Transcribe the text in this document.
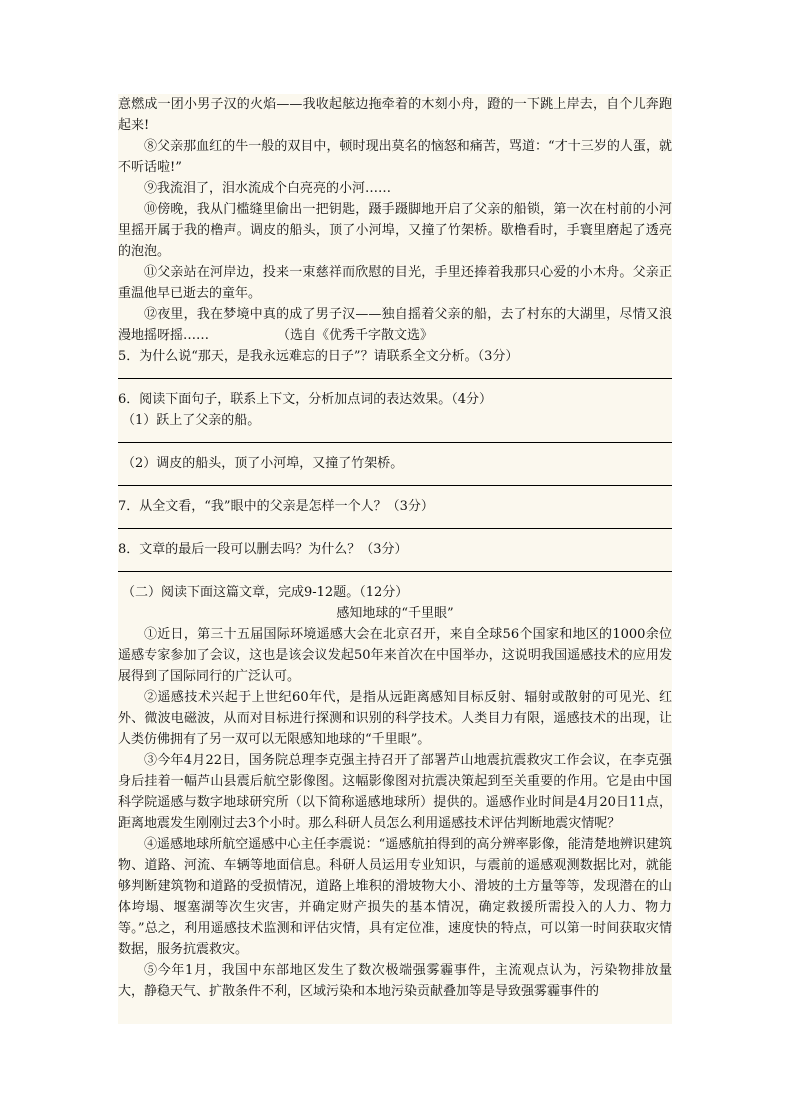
意燃成一团小男子汉的火焰——我收起舷边拖牵着的木刻小舟，蹬的一下跳上岸去，自个儿奔跑起来!

⑧父亲那血红的牛一般的双目中，顿时现出莫名的恼怒和痛苦，骂道：“才十三岁的人蛋，就不听话啦!”

⑨我流泪了，泪水流成个白亮亮的小河……

⑩傍晚，我从门槛缝里偷出一把钥匙，蹑手蹑脚地开启了父亲的船锁，第一次在村前的小河里摇开属于我的橹声。调皮的船头，顶了小河埠，又撞了竹架桥。歇橹看时，手寰里磨起了透亮的泡泡。

⑪父亲站在河岸边，投来一束慈祥而欣慰的目光，手里还捧着我那只心爱的小木舟。父亲正重温他早已逝去的童年。

⑫夜里，我在梦境中真的成了男子汉——独自摇着父亲的船，去了村东的大湖里，尽情又浪漫地摇呀摇……	（选自《优秀千字散文选》

5．为什么说“那天，是我永远难忘的日子”？请联系全文分析。（3分）

6．阅读下面句子，联系上下文，分析加点词的表达效果。（4分）

（1）跃上了父亲的船。

（2）调皮的船头，顶了小河埠，又撞了竹架桥。

7．从全文看，“我”眼中的父亲是怎样一个人？（3分）

8．文章的最后一段可以删去吗？为什么？（3分）

（二）阅读下面这篇文章，完成9-12题。（12分）

感知地球的“千里眼”

①近日，第三十五届国际环境遥感大会在北京召开，来自全球56个国家和地区的1000余位遥感专家参加了会议，这也是该会议发起50年来首次在中国举办，这说明我国遥感技术的应用发展得到了国际同行的广泛认可。

②遥感技术兴起于上世纪60年代，是指从远距离感知目标反射、辐射或散射的可见光、红外、微波电磁波，从而对目标进行探测和识别的科学技术。人类目力有限，遥感技术的出现，让人类仿佛拥有了另一双可以无限感知地球的“千里眼”。

③今年4月22日，国务院总理李克强主持召开了部署芦山地震抗震救灾工作会议，在李克强身后挂着一幅芦山县震后航空影像图。这幅影像图对抗震决策起到至关重要的作用。它是由中国科学院遥感与数字地球研究所（以下简称遥感地球所）提供的。遥感作业时间是4月20日11点，距离地震发生刚刚过去3个小时。那么科研人员怎么利用遥感技术评估判断地震灾情呢？

④遥感地球所航空遥感中心主任李震说：“遥感航拍得到的高分辨率影像，能清楚地辨识建筑物、道路、河流、车辆等地面信息。科研人员运用专业知识，与震前的遥感观测数据比对，就能够判断建筑物和道路的受损情况，道路上堆积的滑坡物大小、滑坡的土方量等等，发现潜在的山体垮塌、堰塞湖等次生灾害，并确定财产损失的基本情况，确定救援所需投入的人力、物力等。”总之，利用遥感技术监测和评估灾情，具有定位准，速度快的特点，可以第一时间获取灾情数据，服务抗震救灾。

⑤今年1月，我国中东部地区发生了数次极端强雾霾事件，主流观点认为，污染物排放量大，静稳天气、扩散条件不利，区域污染和本地污染贡献叠加等是导致强雾霾事件的
